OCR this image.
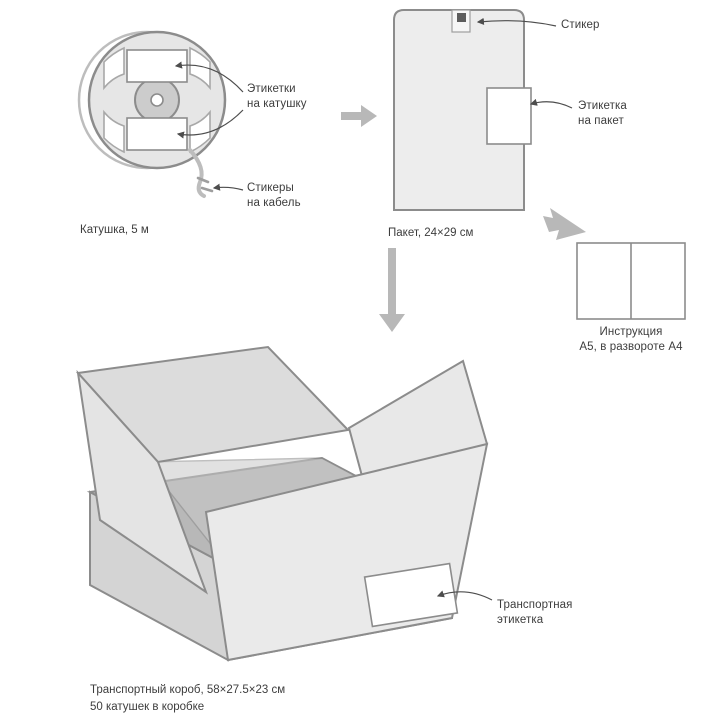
Этикетки
на катушку
Стикеры
на кабель
Катушка, 5 м
Стикер
Этикетка
на пакет
Пакет, 24×29 см
Инструкция
А5, в развороте А4
Транспортная
этикетка
Транспортный короб, 58×27.5×23 см
50 катушек в коробке
